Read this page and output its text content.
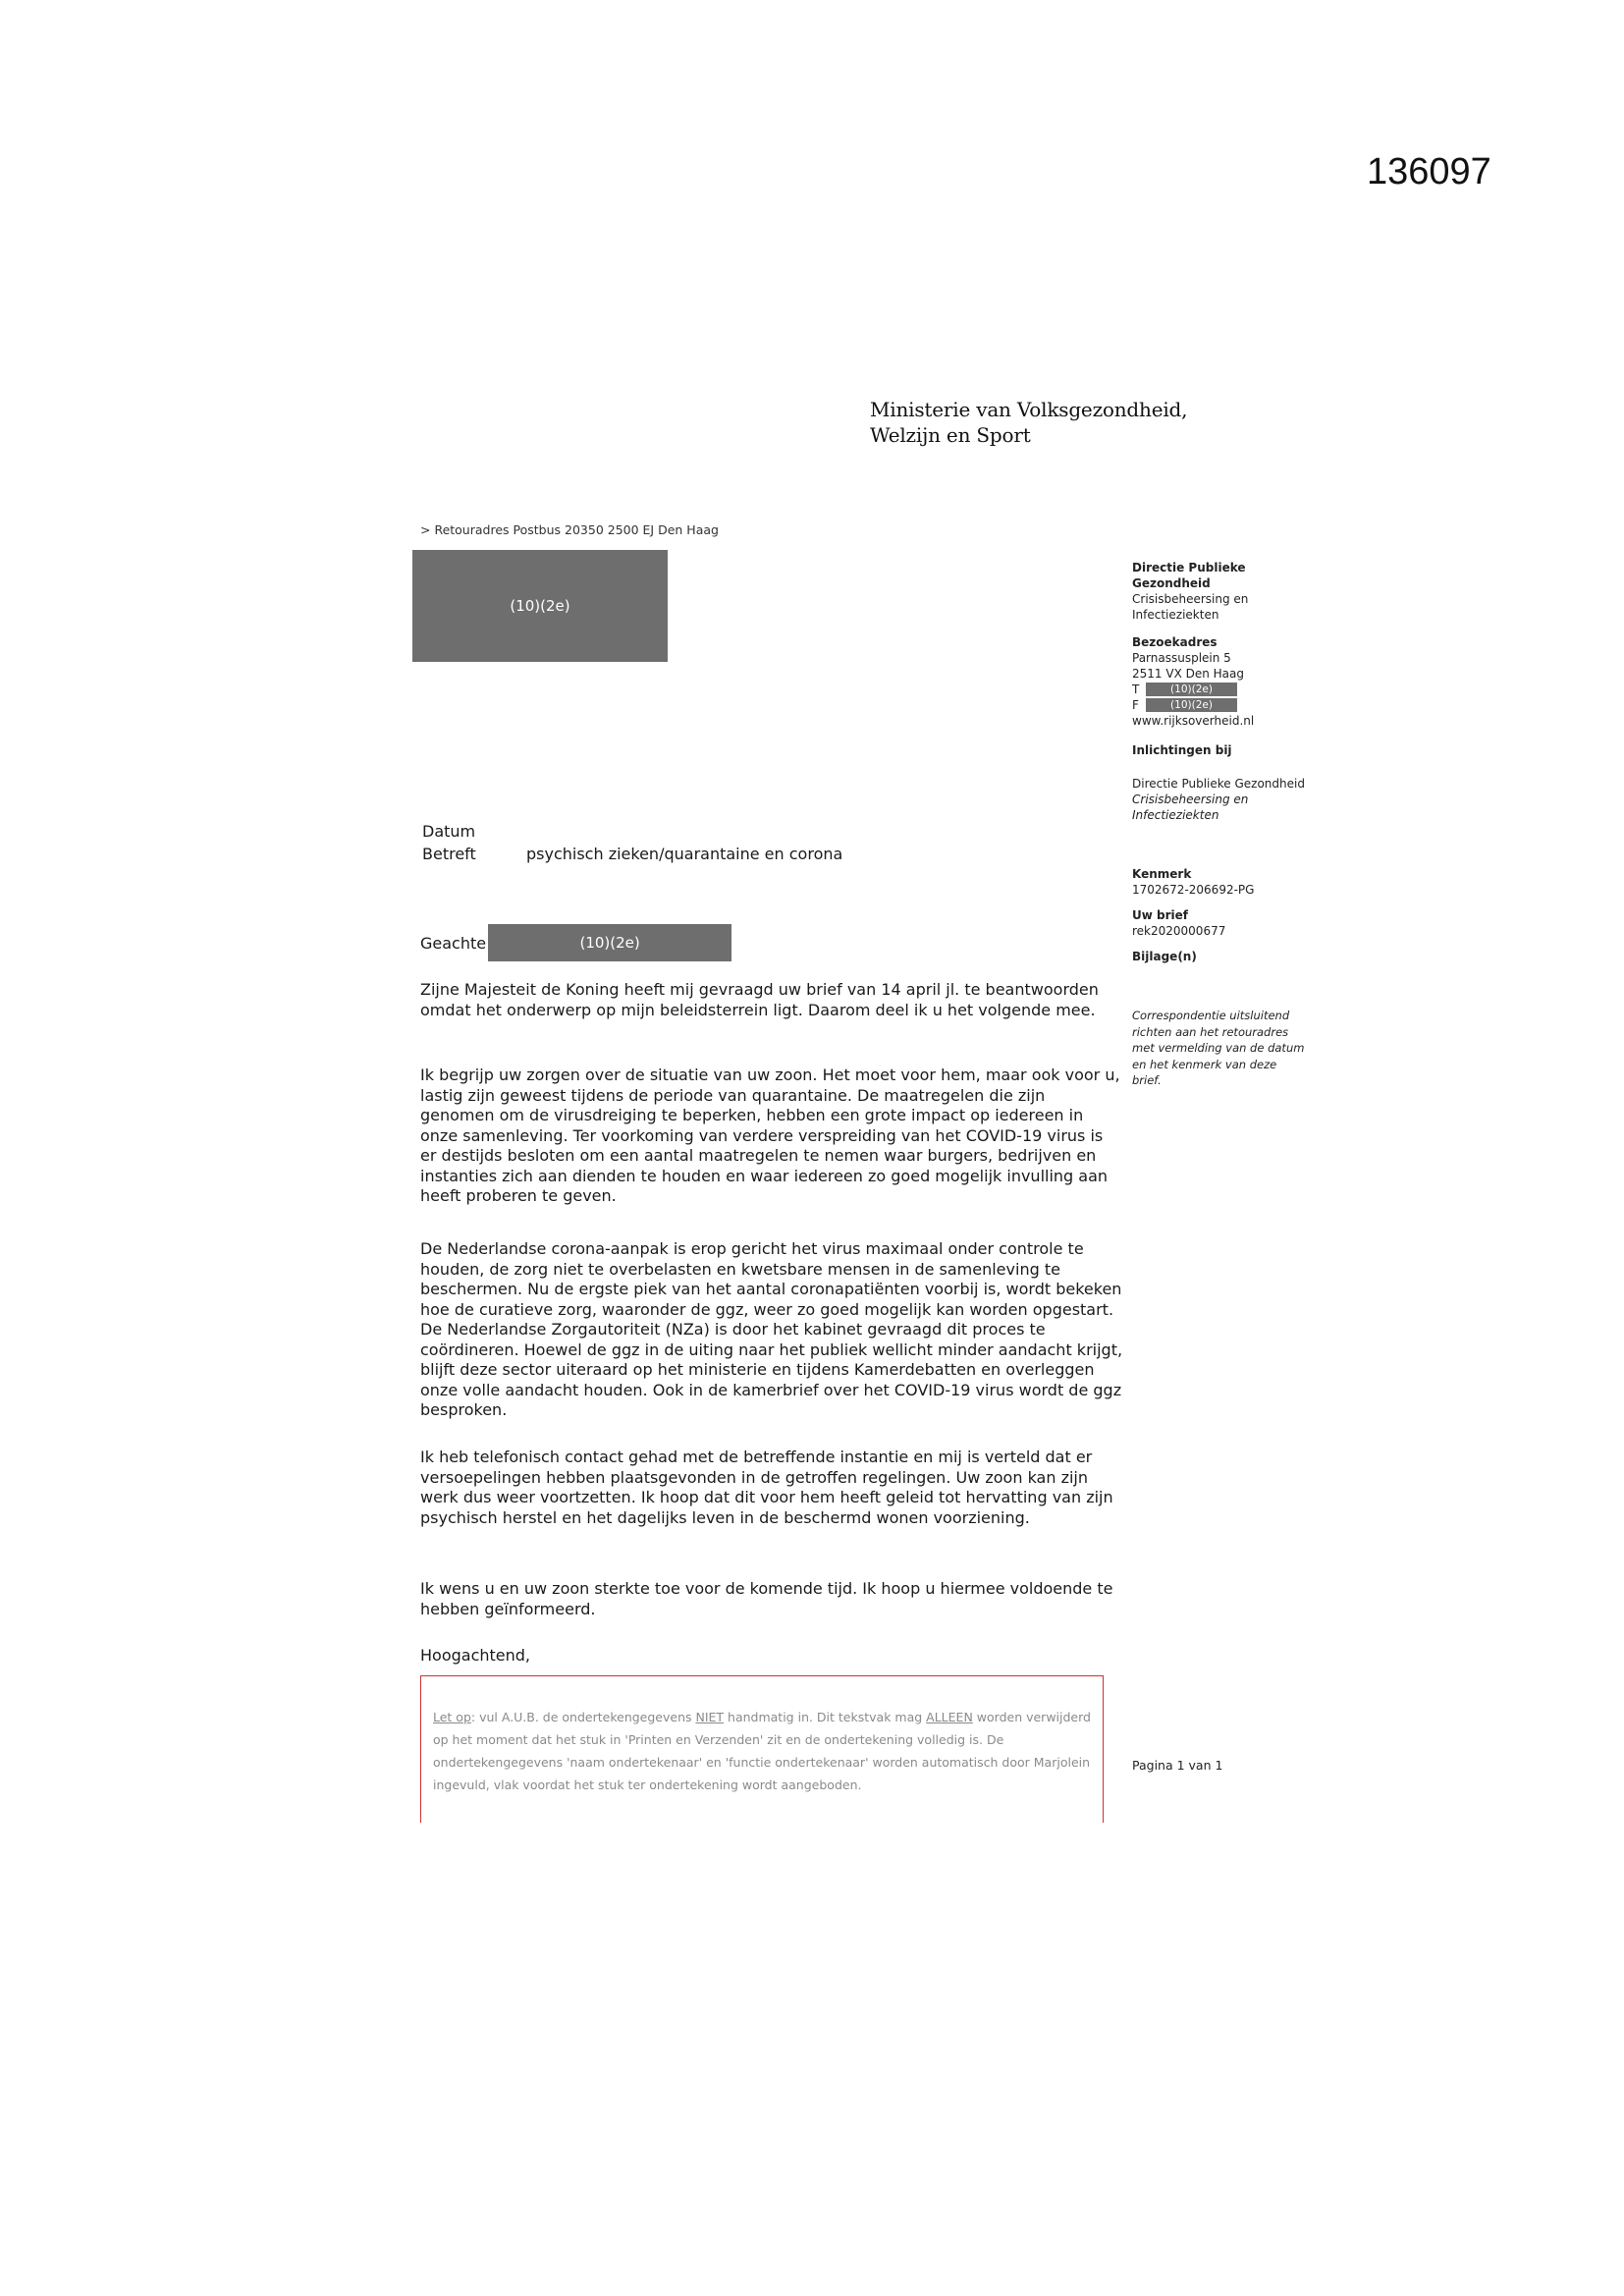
136097
Ministerie van Volksgezondheid,
Welzijn en Sport
> Retouradres Postbus 20350 2500 EJ Den Haag
(10)(2e)
Datum
Betreft	psychisch zieken/quarantaine en corona
Geachte	(10)(2e)

Zijne Majesteit de Koning heeft mij gevraagd uw brief van 14 april jl. te beantwoorden omdat het onderwerp op mijn beleidsterrein ligt. Daarom deel ik u het volgende mee.

Ik begrijp uw zorgen over de situatie van uw zoon. Het moet voor hem, maar ook voor u, lastig zijn geweest tijdens de periode van quarantaine. De maatregelen die zijn genomen om de virusdreiging te beperken, hebben een grote impact op iedereen in onze samenleving. Ter voorkoming van verdere verspreiding van het COVID-19 virus is er destijds besloten om een aantal maatregelen te nemen waar burgers, bedrijven en instanties zich aan dienden te houden en waar iedereen zo goed mogelijk invulling aan heeft proberen te geven.

De Nederlandse corona-aanpak is erop gericht het virus maximaal onder controle te houden, de zorg niet te overbelasten en kwetsbare mensen in de samenleving te beschermen. Nu de ergste piek van het aantal coronapatiënten voorbij is, wordt bekeken hoe de curatieve zorg, waaronder de ggz, weer zo goed mogelijk kan worden opgestart. De Nederlandse Zorgautoriteit (NZa) is door het kabinet gevraagd dit proces te coördineren. Hoewel de ggz in de uiting naar het publiek wellicht minder aandacht krijgt, blijft deze sector uiteraard op het ministerie en tijdens Kamerdebatten en overleggen onze volle aandacht houden. Ook in de kamerbrief over het COVID-19 virus wordt de ggz besproken.

Ik heb telefonisch contact gehad met de betreffende instantie en mij is verteld dat er versoepelingen hebben plaatsgevonden in de getroffen regelingen. Uw zoon kan zijn werk dus weer voortzetten. Ik hoop dat dit voor hem heeft geleid tot hervatting van zijn psychisch herstel en het dagelijks leven in de beschermd wonen voorziening.

Ik wens u en uw zoon sterkte toe voor de komende tijd. Ik hoop u hiermee voldoende te hebben geïnformeerd.

Hoogachtend,
Let op: vul A.U.B. de ondertekengegevens NIET handmatig in. Dit tekstvak mag ALLEEN worden verwijderd op het moment dat het stuk in 'Printen en Verzenden' zit en de ondertekening volledig is. De ondertekengegevens 'naam ondertekenaar' en 'functie ondertekenaar' worden automatisch door Marjolein ingevuld, vlak voordat het stuk ter ondertekening wordt aangeboden.
Directie Publieke
Gezondheid
Crisisbeheersing en
Infectieziekten
Bezoekadres
Parnassusplein 5
2511 VX Den Haag
T	(10)(2e)
F	(10)(2e)
www.rijksoverheid.nl
Inlichtingen bij
Directie Publieke Gezondheid
Crisisbeheersing en
Infectieziekten
Kenmerk
1702672-206692-PG
Uw brief
rek2020000677
Bijlage(n)
Correspondentie uitsluitend
richten aan het retouradres
met vermelding van de datum
en het kenmerk van deze
brief.
Pagina 1 van 1
